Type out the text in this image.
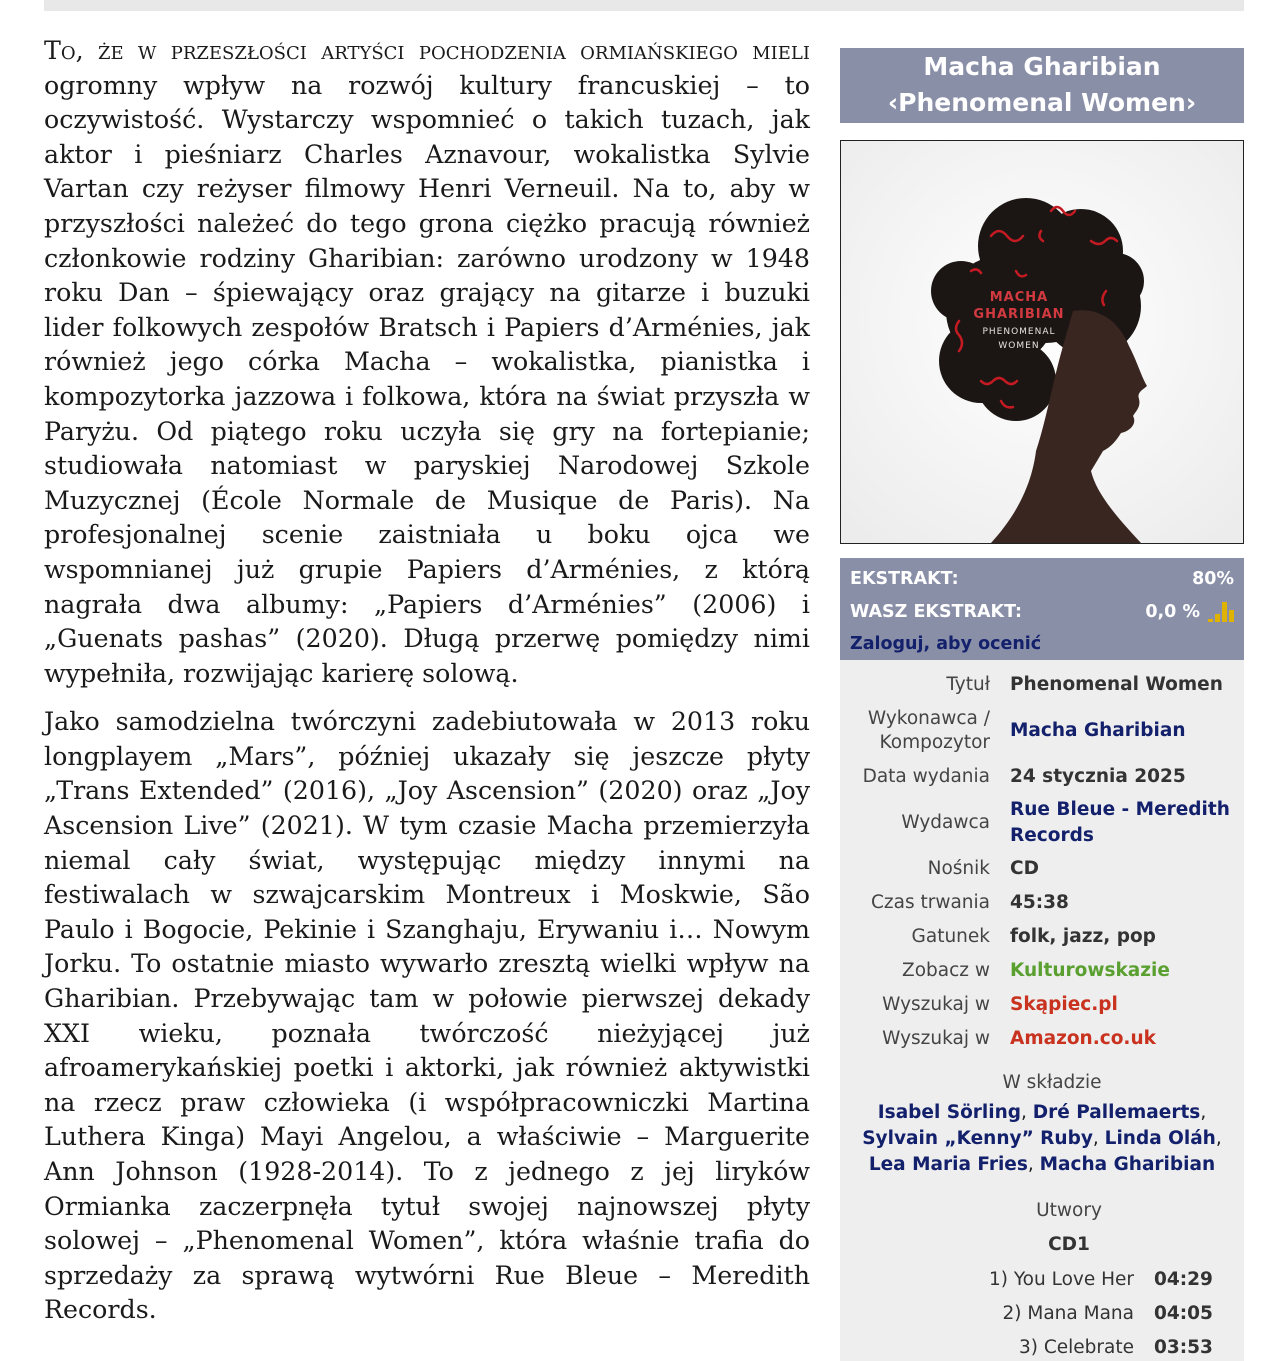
To, że w przeszłości artyści pochodzenia ormiańskiego mieli ogromny wpływ na rozwój kultury francuskiej – to oczywistość. Wystarczy wspomnieć o takich tuzach, jak aktor i pieśniarz Charles Aznavour, wokalistka Sylvie Vartan czy reżyser filmowy Henri Verneuil. Na to, aby w przyszłości należeć do tego grona ciężko pracują również członkowie rodziny Gharibian: zarówno urodzony w 1948 roku Dan – śpiewający oraz grający na gitarze i buzuki lider folkowych zespołów Bratsch i Papiers d’Arménies, jak również jego córka Macha – wokalistka, pianistka i kompozytorka jazzowa i folkowa, która na świat przyszła w Paryżu. Od piątego roku uczyła się gry na fortepianie; studiowała natomiast w paryskiej Narodowej Szkole Muzycznej (École Normale de Musique de Paris). Na profesjonalnej scenie zaistniała u boku ojca we wspomnianej już grupie Papiers d’Arménies, z którą nagrała dwa albumy: „Papiers d’Arménies” (2006) i „Guenats pashas” (2020). Długą przerwę pomiędzy nimi wypełniła, rozwijając karierę solową.

Jako samodzielna twórczyni zadebiutowała w 2013 roku longplayem „Mars”, później ukazały się jeszcze płyty „Trans Extended” (2016), „Joy Ascension” (2020) oraz „Joy Ascension Live” (2021). W tym czasie Macha przemierzyła niemal cały świat, występując między innymi na festiwalach w szwajcarskim Montreux i Moskwie, São Paulo i Bogocie, Pekinie i Szanghaju, Erywaniu i… Nowym Jorku. To ostatnie miasto wywarło zresztą wielki wpływ na Gharibian. Przebywając tam w połowie pierwszej dekady XXI wieku, poznała twórczość nieżyjącej już afroamerykańskiej poetki i aktorki, jak również aktywistki na rzecz praw człowieka (i współpracowniczki Martina Luthera Kinga) Mayi Angelou, a właściwie – Marguerite Ann Johnson (1928-2014). To z jednego z jej liryków Ormianka zaczerpnęła tytuł swojej najnowszej płyty solowej – „Phenomenal Women”, która właśnie trafia do sprzedaży za sprawą wytwórni Rue Bleue – Meredith Records.

Macha Gharibian
‹Phenomenal Women›
MACHA
GHARIBIAN
PHENOMENAL
WOMEN
EKSTRAKT:	80%
WASZ EKSTRAKT:	0,0 %
Zaloguj, aby ocenić
Tytuł Phenomenal Women
Wykonawca / Kompozytor
Macha Gharibian
Data wydania 24 stycznia 2025
Wydawca
Rue Bleue - Meredith Records
Nośnik CD
Czas trwania 45:38
Gatunek folk, jazz, pop
Zobacz w Kulturowskazie
Wyszukaj w Skąpiec.pl
Wyszukaj w Amazon.co.uk
W składzie
Isabel Sörling, Dré Pallemaerts,
Sylvain „Kenny” Ruby, Linda Oláh,
Lea Maria Fries, Macha Gharibian
Utwory
CD1
1) You Love Her 04:29
2) Mana Mana 04:05
3) Celebrate 03:53
